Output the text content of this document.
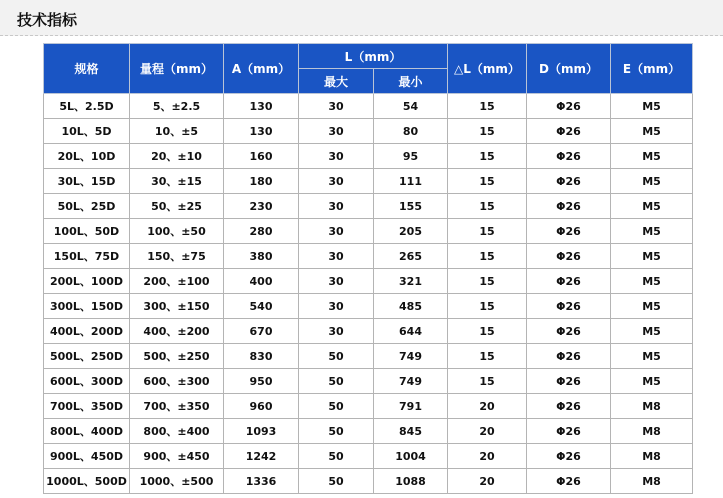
技术指标
规格	量程（mm）	A（mm）	L（mm）		△L（mm）	D（mm）	E（mm）
			最大	最小			
5L、2.5D	5、±2.5	130	30	54	15	Φ26	M5
10L、5D	10、±5	130	30	80	15	Φ26	M5
20L、10D	20、±10	160	30	95	15	Φ26	M5
30L、15D	30、±15	180	30	111	15	Φ26	M5
50L、25D	50、±25	230	30	155	15	Φ26	M5
100L、50D	100、±50	280	30	205	15	Φ26	M5
150L、75D	150、±75	380	30	265	15	Φ26	M5
200L、100D	200、±100	400	30	321	15	Φ26	M5
300L、150D	300、±150	540	30	485	15	Φ26	M5
400L、200D	400、±200	670	30	644	15	Φ26	M5
500L、250D	500、±250	830	50	749	15	Φ26	M5
600L、300D	600、±300	950	50	749	15	Φ26	M5
700L、350D	700、±350	960	50	791	20	Φ26	M8
800L、400D	800、±400	1093	50	845	20	Φ26	M8
900L、450D	900、±450	1242	50	1004	20	Φ26	M8
1000L、500D	1000、±500	1336	50	1088	20	Φ26	M8
